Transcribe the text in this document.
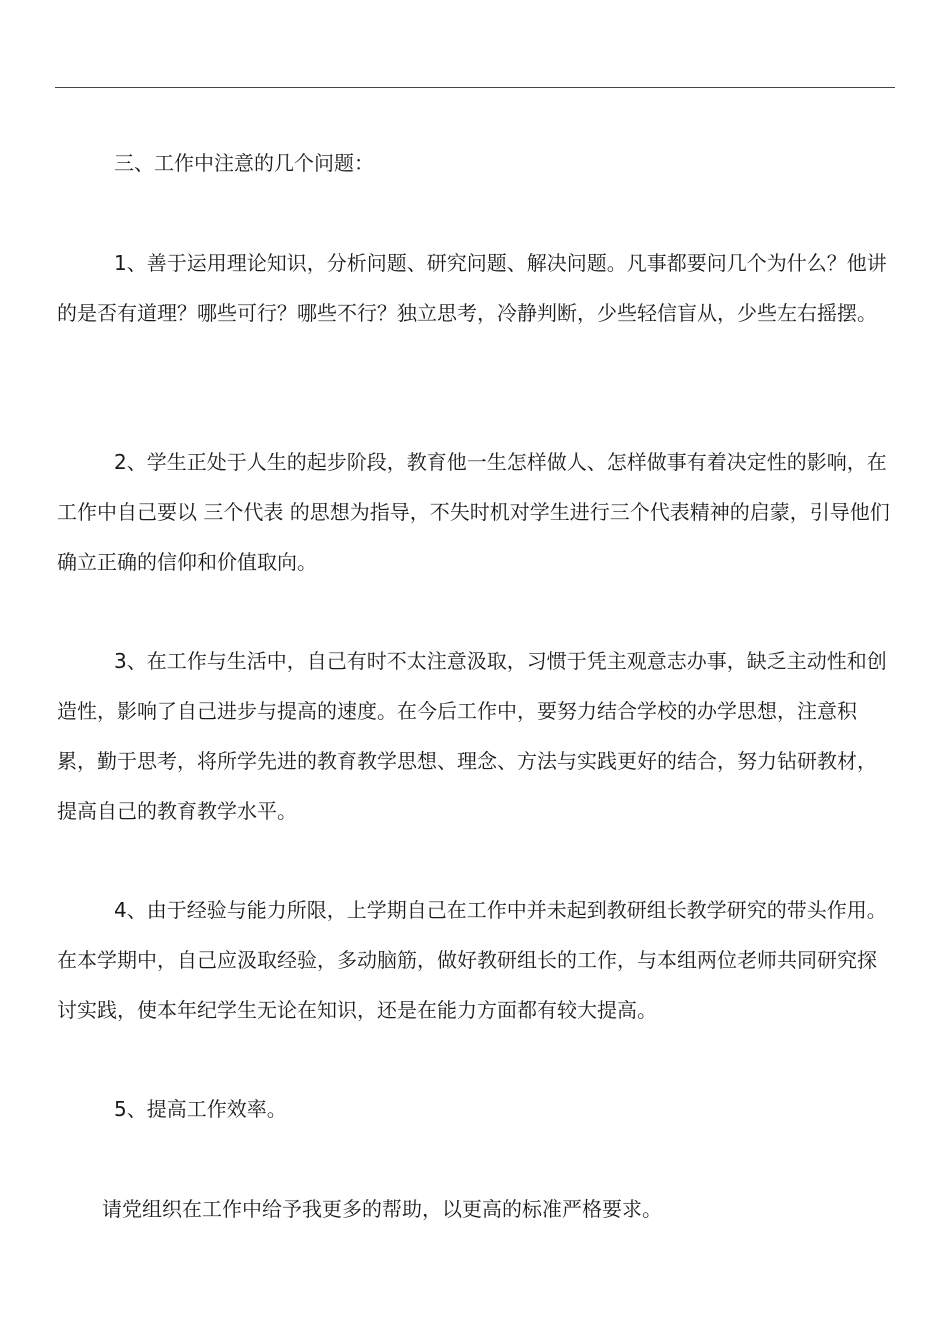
三、工作中注意的几个问题：

1、善于运用理论知识，分析问题、研究问题、解决问题。凡事都要问几个为什么？他讲的是否有道理？哪些可行？哪些不行？独立思考，冷静判断，少些轻信盲从，少些左右摇摆。

2、学生正处于人生的起步阶段，教育他一生怎样做人、怎样做事有着决定性的影响，在工作中自己要以 三个代表 的思想为指导，不失时机对学生进行三个代表精神的启蒙，引导他们确立正确的信仰和价值取向。

3、在工作与生活中，自己有时不太注意汲取，习惯于凭主观意志办事，缺乏主动性和创造性，影响了自己进步与提高的速度。在今后工作中，要努力结合学校的办学思想，注意积累，勤于思考，将所学先进的教育教学思想、理念、方法与实践更好的结合，努力钻研教材，提高自己的教育教学水平。

4、由于经验与能力所限，上学期自己在工作中并未起到教研组长教学研究的带头作用。在本学期中，自己应汲取经验，多动脑筋，做好教研组长的工作，与本组两位老师共同研究探讨实践，使本年纪学生无论在知识，还是在能力方面都有较大提高。

5、提高工作效率。

请党组织在工作中给予我更多的帮助，以更高的标准严格要求。
